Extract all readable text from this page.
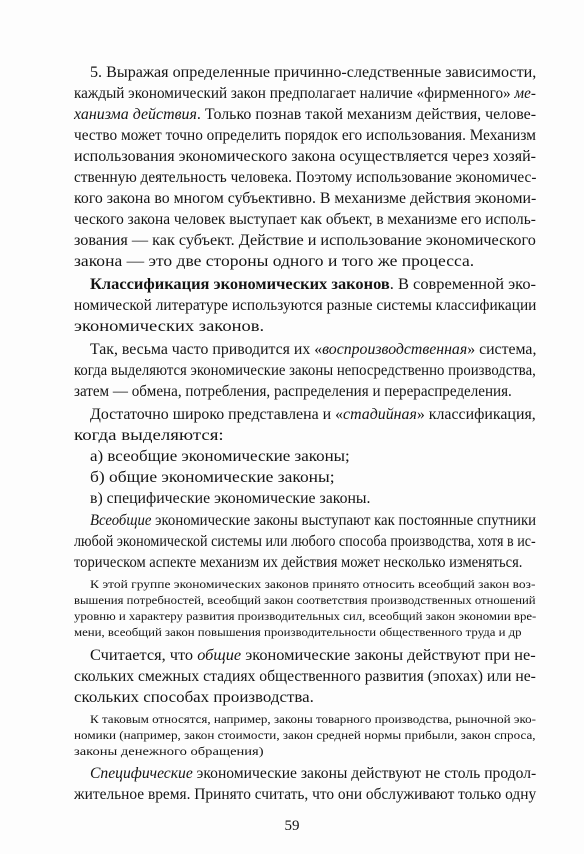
5. Выражая определенные причинно-следственные зависимости,

каждый экономический закон предполагает наличие «фирменного» ме-

ханизма действия. Только познав такой механизм действия, челове-

чество может точно определить порядок его использования. Механизм

использования экономического закона осуществляется через хозяй-

ственную деятельность человека. Поэтому использование экономичес-

кого закона во многом субъективно. В механизме действия экономи-

ческого закона человек выступает как объект, в механизме его исполь-

зования — как субъект. Действие и использование экономического

закона — это две стороны одного и того же процесса.

Классификация экономических законов. В современной эко-

номической литературе используются разные системы классификации

экономических законов.

Так, весьма часто приводится их «воспроизводственная» система,

когда выделяются экономические законы непосредственно производства,

затем — обмена, потребления, распределения и перераспределения.

Достаточно широко представлена и «стадийная» классификация,

когда выделяются:

а) всеобщие экономические законы;

б) общие экономические законы;

в) специфические экономические законы.

Всеобщие экономические законы выступают как постоянные спутники

любой экономической системы или любого способа производства, хотя в ис-

торическом аспекте механизм их действия может несколько изменяться.

К этой группе экономических законов принято относить всеобщий закон воз-

вышения потребностей, всеобщий закон соответствия производственных отношений

уровню и характеру развития производительных сил, всеобщий закон экономии вре-

мени, всеобщий закон повышения производительности общественного труда и др

Считается, что общие экономические законы действуют при не-

скольких смежных стадиях общественного развития (эпохах) или не-

скольких способах производства.

К таковым относятся, например, законы товарного производства, рыночной эко-

номики (например, закон стоимости, закон средней нормы прибыли, закон спроса,

законы денежного обращения)

Специфические экономические законы действуют не столь продол-

жительное время. Принято считать, что они обслуживают только одну

59
